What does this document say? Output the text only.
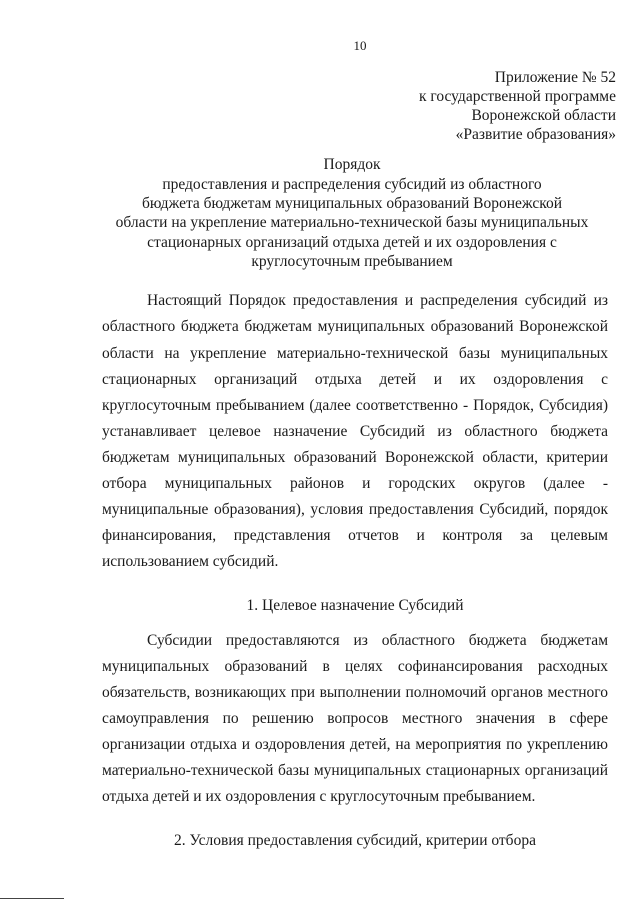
10
Приложение № 52
к государственной программе
Воронежской области
«Развитие образования»
Порядок
предоставления и распределения субсидий из областного
бюджета бюджетам муниципальных образований Воронежской
области на укрепление материально-технической базы муниципальных
стационарных организаций отдыха детей и их оздоровления с
круглосуточным пребыванием
Настоящий Порядок предоставления и распределения субсидий из
областного бюджета бюджетам муниципальных образований Воронежской
области на укрепление материально-технической базы муниципальных
стационарных организаций отдыха детей и их оздоровления с
круглосуточным пребыванием (далее соответственно - Порядок, Субсидия)
устанавливает целевое назначение Субсидий из областного бюджета
бюджетам муниципальных образований Воронежской области, критерии
отбора муниципальных районов и городских округов (далее -
муниципальные образования), условия предоставления Субсидий, порядок
финансирования, представления отчетов и контроля за целевым
использованием субсидий.
1. Целевое назначение Субсидий
Субсидии предоставляются из областного бюджета бюджетам
муниципальных образований в целях софинансирования расходных
обязательств, возникающих при выполнении полномочий органов местного
самоуправления по решению вопросов местного значения в сфере
организации отдыха и оздоровления детей, на мероприятия по укреплению
материально-технической базы муниципальных стационарных организаций
отдыха детей и их оздоровления с круглосуточным пребыванием.
2. Условия предоставления субсидий, критерии отбора
